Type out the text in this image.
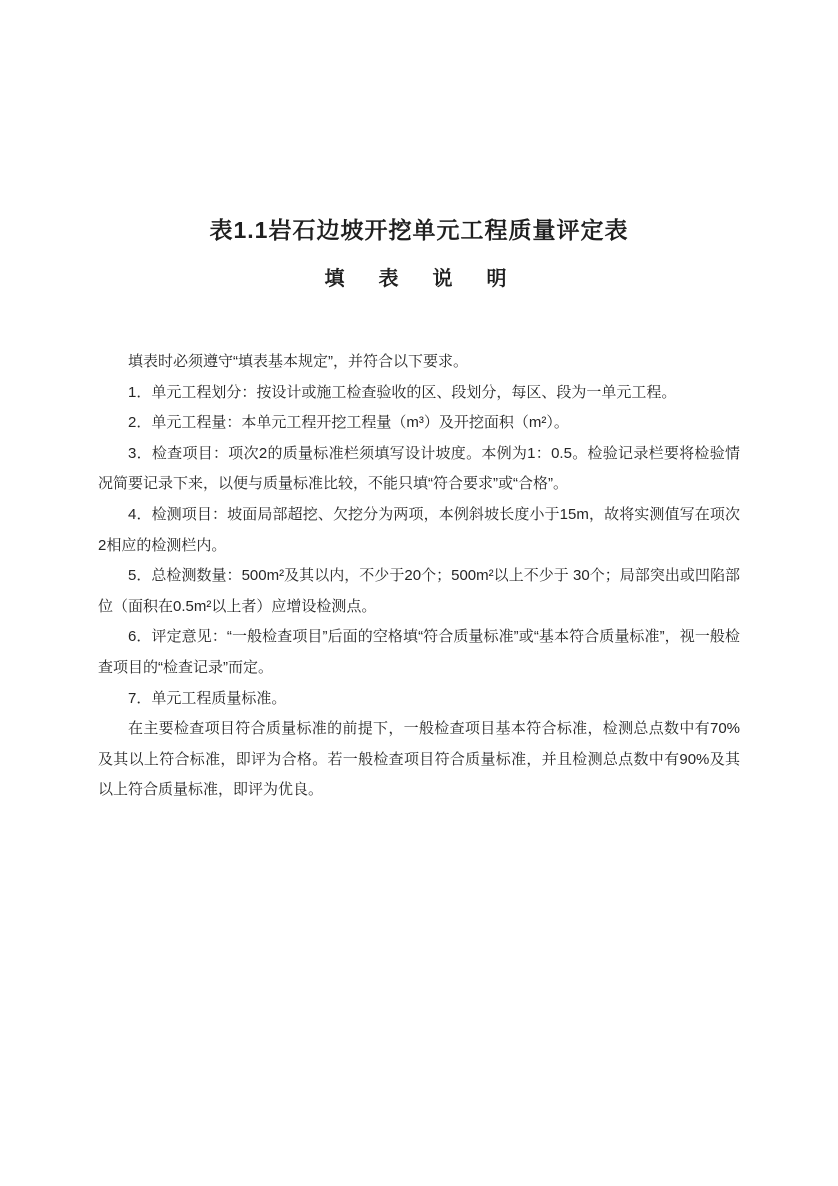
表1.1岩石边坡开挖单元工程质量评定表
填　表　说　明

填表时必须遵守“填表基本规定”，并符合以下要求。

1．单元工程划分：按设计或施工检查验收的区、段划分，每区、段为一单元工程。

2．单元工程量：本单元工程开挖工程量（m³）及开挖面积（m²）。

3．检查项目：项次2的质量标准栏须填写设计坡度。本例为1：0.5。检验记录栏要将检验情况简要记录下来，以便与质量标准比较，不能只填“符合要求”或“合格”。

4．检测项目：坡面局部超挖、欠挖分为两项，本例斜坡长度小于15m，故将实测值写在项次2相应的检测栏内。

5．总检测数量：500m²及其以内，不少于20个；500m²以上不少于 30个；局部突出或凹陷部位（面积在0.5m²以上者）应增设检测点。

6．评定意见：“一般检查项目”后面的空格填“符合质量标准”或“基本符合质量标准”，视一般检查项目的“检查记录”而定。

7．单元工程质量标准。

在主要检查项目符合质量标准的前提下，一般检查项目基本符合标准，检测总点数中有70%及其以上符合标准，即评为合格。若一般检查项目符合质量标准，并且检测总点数中有90%及其以上符合质量标准，即评为优良。
